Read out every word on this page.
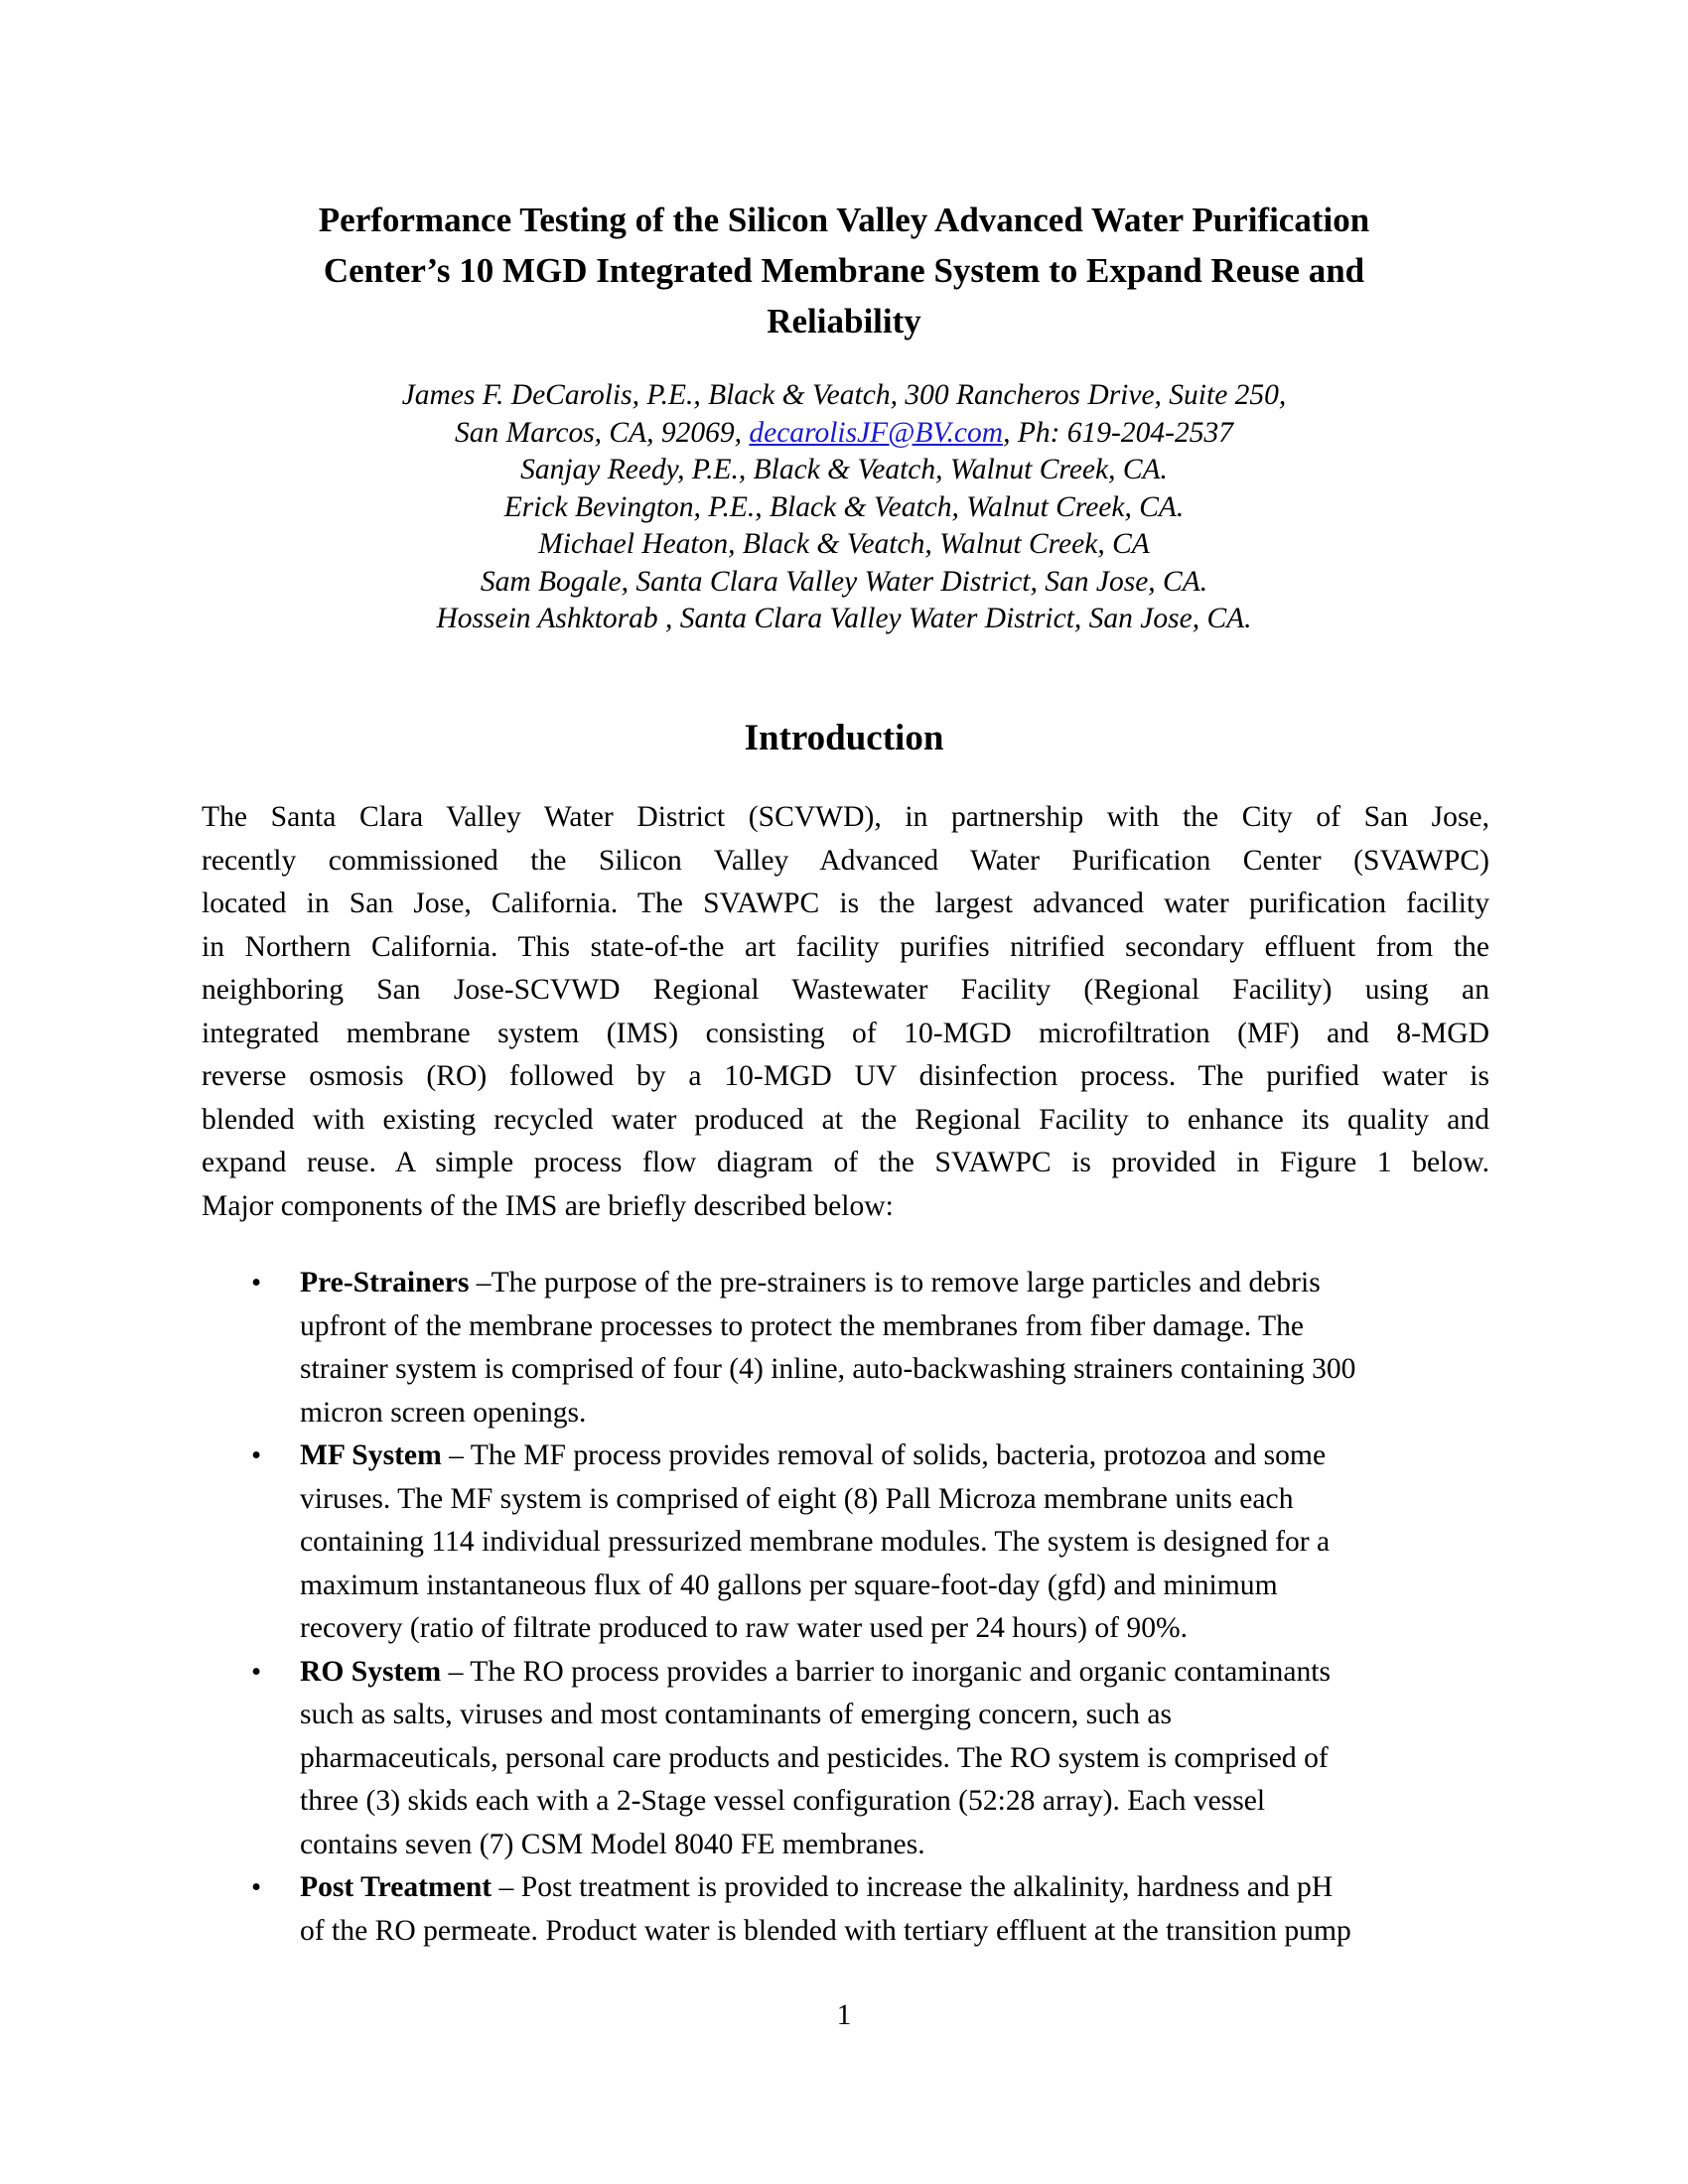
Performance Testing of the Silicon Valley Advanced Water Purification
Center’s 10 MGD Integrated Membrane System to Expand Reuse and
Reliability
James F. DeCarolis, P.E., Black & Veatch, 300 Rancheros Drive, Suite 250,
San Marcos, CA, 92069, decarolisJF@BV.com, Ph: 619-204-2537
Sanjay Reedy, P.E., Black & Veatch, Walnut Creek, CA.
Erick Bevington, P.E., Black & Veatch, Walnut Creek, CA.
Michael Heaton, Black & Veatch, Walnut Creek, CA
Sam Bogale, Santa Clara Valley Water District, San Jose, CA.
Hossein Ashktorab , Santa Clara Valley Water District, San Jose, CA.
Introduction

The Santa Clara Valley Water District (SCVWD), in partnership with the City of San Jose,
recently commissioned the Silicon Valley Advanced Water Purification Center (SVAWPC)
located in San Jose, California. The SVAWPC is the largest advanced water purification facility
in Northern California. This state-of-the art facility purifies nitrified secondary effluent from the
neighboring San Jose-SCVWD Regional Wastewater Facility (Regional Facility) using an
integrated membrane system (IMS) consisting of 10-MGD microfiltration (MF) and 8-MGD
reverse osmosis (RO) followed by a 10-MGD UV disinfection process. The purified water is
blended with existing recycled water produced at the Regional Facility to enhance its quality and
expand reuse. A simple process flow diagram of the SVAWPC is provided in Figure 1 below.
Major components of the IMS are briefly described below:

• Pre-Strainers –The purpose of the pre-strainers is to remove large particles and debris
upfront of the membrane processes to protect the membranes from fiber damage. The
strainer system is comprised of four (4) inline, auto-backwashing strainers containing 300
micron screen openings.
• MF System – The MF process provides removal of solids, bacteria, protozoa and some
viruses. The MF system is comprised of eight (8) Pall Microza membrane units each
containing 114 individual pressurized membrane modules. The system is designed for a
maximum instantaneous flux of 40 gallons per square-foot-day (gfd) and minimum
recovery (ratio of filtrate produced to raw water used per 24 hours) of 90%.
• RO System – The RO process provides a barrier to inorganic and organic contaminants
such as salts, viruses and most contaminants of emerging concern, such as
pharmaceuticals, personal care products and pesticides. The RO system is comprised of
three (3) skids each with a 2-Stage vessel configuration (52:28 array). Each vessel
contains seven (7) CSM Model 8040 FE membranes.
• Post Treatment – Post treatment is provided to increase the alkalinity, hardness and pH
of the RO permeate. Product water is blended with tertiary effluent at the transition pump
1
